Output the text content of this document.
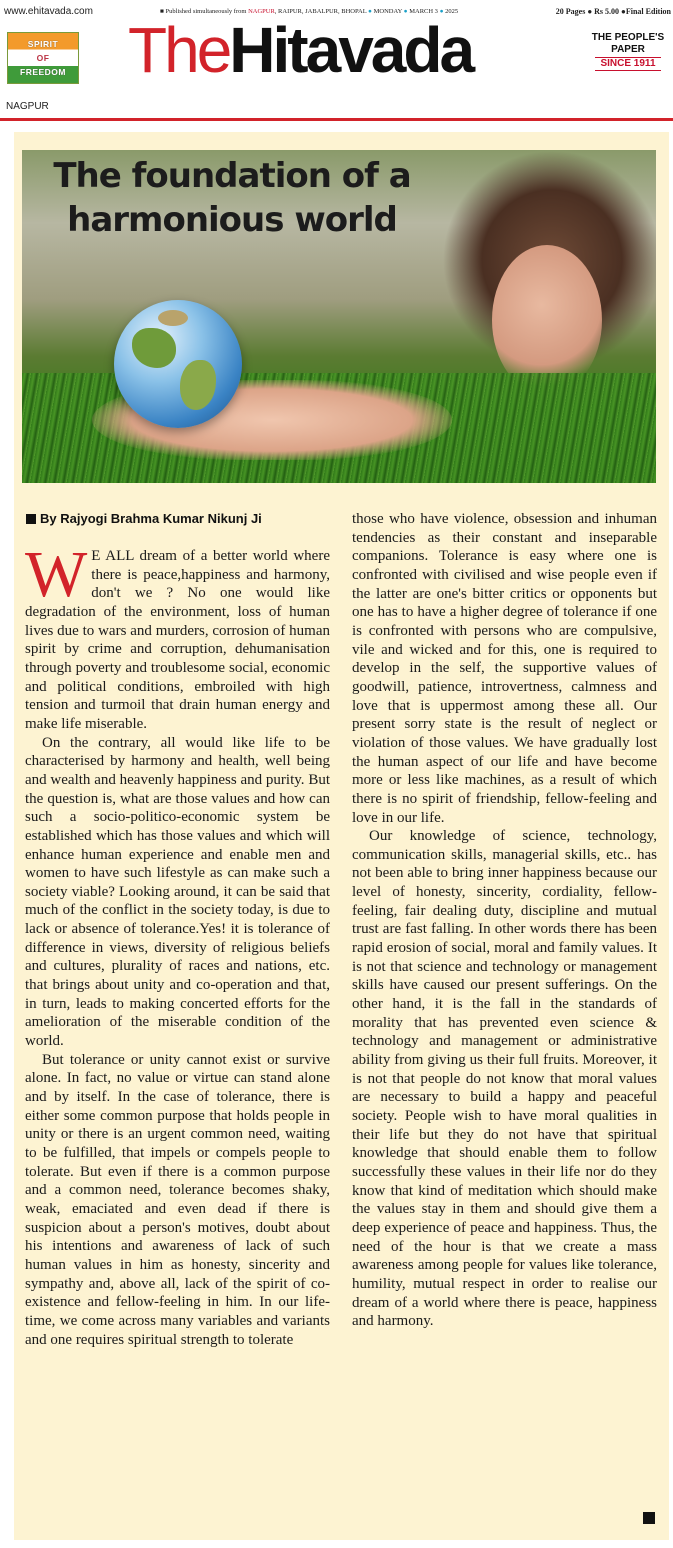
www.ehitavada.com	■ Published simultaneously from NAGPUR, RAIPUR, JABALPUR, BHOPAL ● MONDAY ● MARCH 3 ● 2025	20 Pages ● Rs 5.00 ●Final Edition
SPIRIT
OF
FREEDOM
NAGPUR
TheHitavada	THE PEOPLE'S
PAPER
SINCE 1911
The foundation of a
harmonious world
By Rajyogi Brahma Kumar Nikunj Ji

W E ALL dream of a better world where there is peace,happiness and harmony, don't we ? No one would like degradation of the environment, loss of human lives due to wars and murders, corrosion of human spirit by crime and corruption, dehumanisation through poverty and troublesome social, economic and political conditions, embroiled with high tension and turmoil that drain human energy and make life miserable.

On the contrary, all would like life to be characterised by harmony and health, well being and wealth and heavenly happiness and purity. But the question is, what are those values and how can such a socio-politico-economic system be established which has those values and which will enhance human experience and enable men and women to have such lifestyle as can make such a society viable? Looking around, it can be said that much of the conflict in the society today, is due to lack or absence of tolerance.Yes! it is tolerance of difference in views, diversity of religious beliefs and cultures, plurality of races and nations, etc. that brings about unity and co-operation and that, in turn, leads to making concerted efforts for the amelioration of the miserable condition of the world.

But tolerance or unity cannot exist or survive alone. In fact, no value or virtue can stand alone and by itself. In the case of tolerance, there is either some common purpose that holds people in unity or there is an urgent common need, waiting to be fulfilled, that impels or compels people to tolerate. But even if there is a common purpose and a common need, tolerance becomes shaky, weak, emaciated and even dead if there is suspicion about a person's motives, doubt about his intentions and awareness of lack of such human values in him as honesty, sincerity and sympathy and, above all, lack of the spirit of co-existence and fellow-feeling in him. In our life-time, we come across many variables and variants and one requires spiritual strength to tolerate

those who have violence, obsession and inhuman tendencies as their constant and inseparable companions. Tolerance is easy where one is confronted with civilised and wise people even if the latter are one's bitter critics or opponents but one has to have a higher degree of tolerance if one is confronted with persons who are compulsive, vile and wicked and for this, one is required to develop in the self, the supportive values of goodwill, patience, introvertness, calmness and love that is uppermost among these all. Our present sorry state is the result of neglect or violation of those values. We have gradually lost the human aspect of our life and have become more or less like machines, as a result of which there is no spirit of friendship, fellow-feeling and love in our life.

Our knowledge of science, technology, communication skills, managerial skills, etc.. has not been able to bring inner happiness because our level of honesty, sincerity, cordiality, fellow-feeling, fair dealing duty, discipline and mutual trust are fast falling. In other words there has been rapid erosion of social, moral and family values. It is not that science and technology or management skills have caused our present sufferings. On the other hand, it is the fall in the standards of morality that has prevented even science & technology and management or administrative ability from giving us their full fruits. Moreover, it is not that people do not know that moral values are necessary to build a happy and peaceful society. People wish to have moral qualities in their life but they do not have that spiritual knowledge that should enable them to follow successfully these values in their life nor do they know that kind of meditation which should make the values stay in them and should give them a deep experience of peace and happiness. Thus, the need of the hour is that we create a mass awareness among people for values like tolerance, humility, mutual respect in order to realise our dream of a world where there is peace, happiness and harmony.
